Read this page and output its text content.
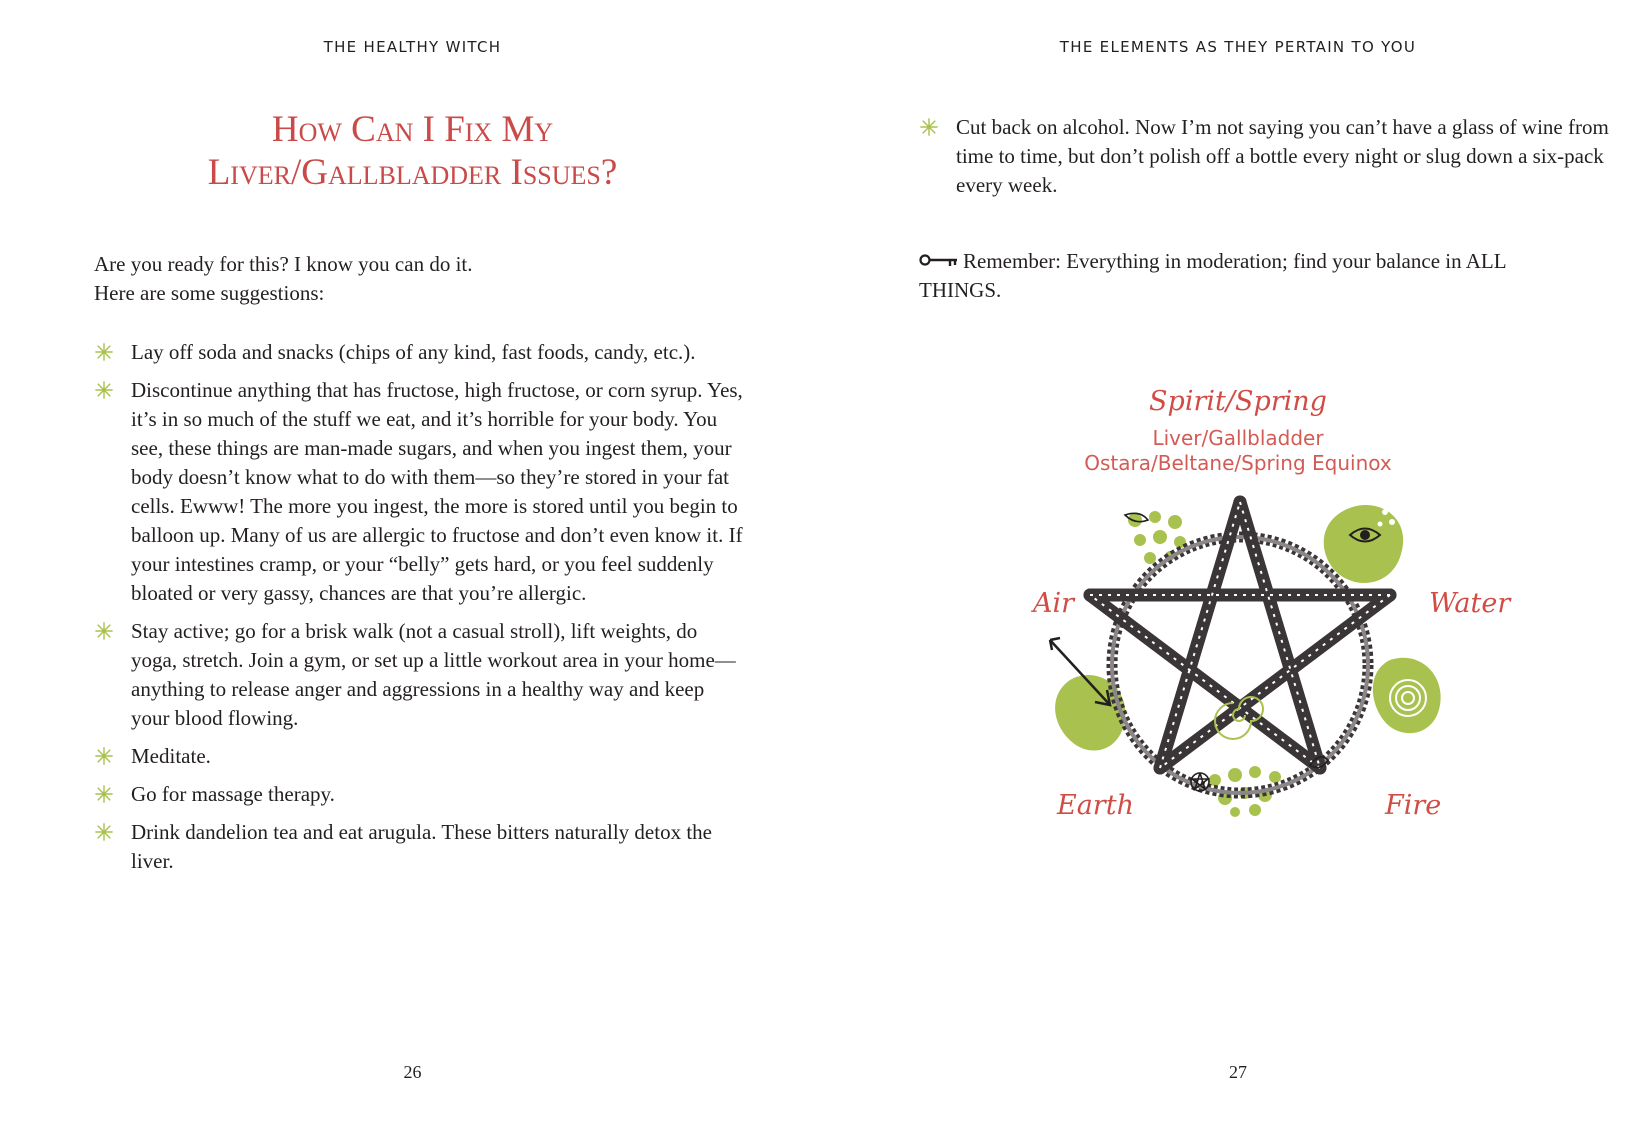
THE HEALTHY WITCH
How Can I Fix My
Liver/Gallbladder Issues?
Are you ready for this? I know you can do it.
Here are some suggestions:
Lay off soda and snacks (chips of any kind, fast foods, candy, etc.).
Discontinue anything that has fructose, high fructose, or corn syrup. Yes, it’s in so much of the stuff we eat, and it’s horrible for your body. You see, these things are man-made sugars, and when you ingest them, your body doesn’t know what to do with them—so they’re stored in your fat cells. Ewww! The more you ingest, the more is stored until you begin to balloon up. Many of us are allergic to fructose and don’t even know it. If your intestines cramp, or your “belly” gets hard, or you feel suddenly bloated or very gassy, chances are that you’re allergic.
Stay active; go for a brisk walk (not a casual stroll), lift weights, do yoga, stretch. Join a gym, or set up a little workout area in your home—anything to release anger and aggressions in a healthy way and keep your blood flowing.
Meditate.
Go for massage therapy.
Drink dandelion tea and eat arugula. These bitters naturally detox the liver.
26
THE ELEMENTS AS THEY PERTAIN TO YOU
Cut back on alcohol. Now I’m not saying you can’t have a glass of wine from time to time, but don’t polish off a bottle every night or slug down a six-pack every week.
Remember: Everything in moderation; find your balance in ALL THINGS.
Spirit/Spring
Liver/Gallbladder
Ostara/Beltane/Spring Equinox
Air	Water
Earth	Fire
27
